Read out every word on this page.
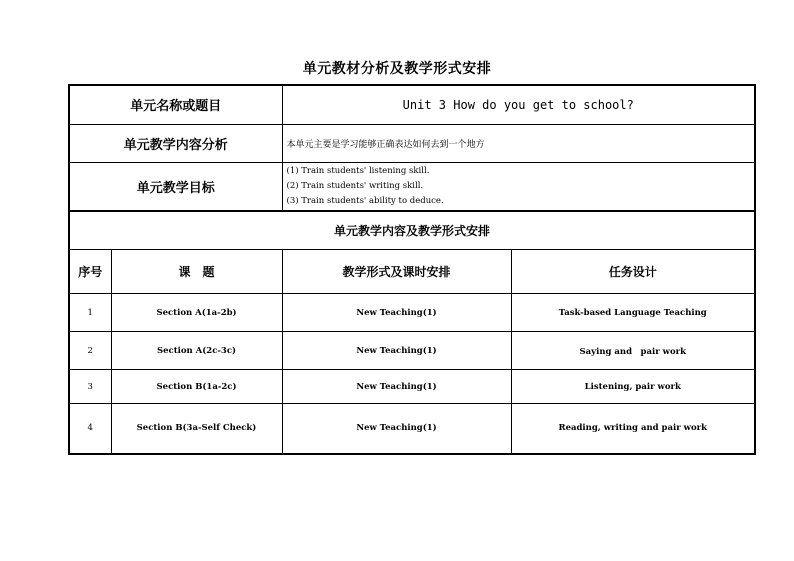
单元教材分析及教学形式安排
单元名称或题目		Unit 3 How do you get to school?	
单元教学内容分析		本单元主要是学习能够正确表达如何去到一个地方	
单元教学目标		(1) Train students' listening skill.
(2) Train students' writing skill.
(3) Train students' ability to deduce.	

单元教学内容及教学形式安排			
序号	课　题	教学形式及课时安排	任务设计
1	Section A(1a-2b)	New Teaching(1)	Task-based Language Teaching
2	Section A(2c-3c)	New Teaching(1)	Saying and　pair work
3	Section B(1a-2c)	New Teaching(1)	Listening, pair work
4	Section B(3a-Self Check)	New Teaching(1)	Reading, writing and pair work
